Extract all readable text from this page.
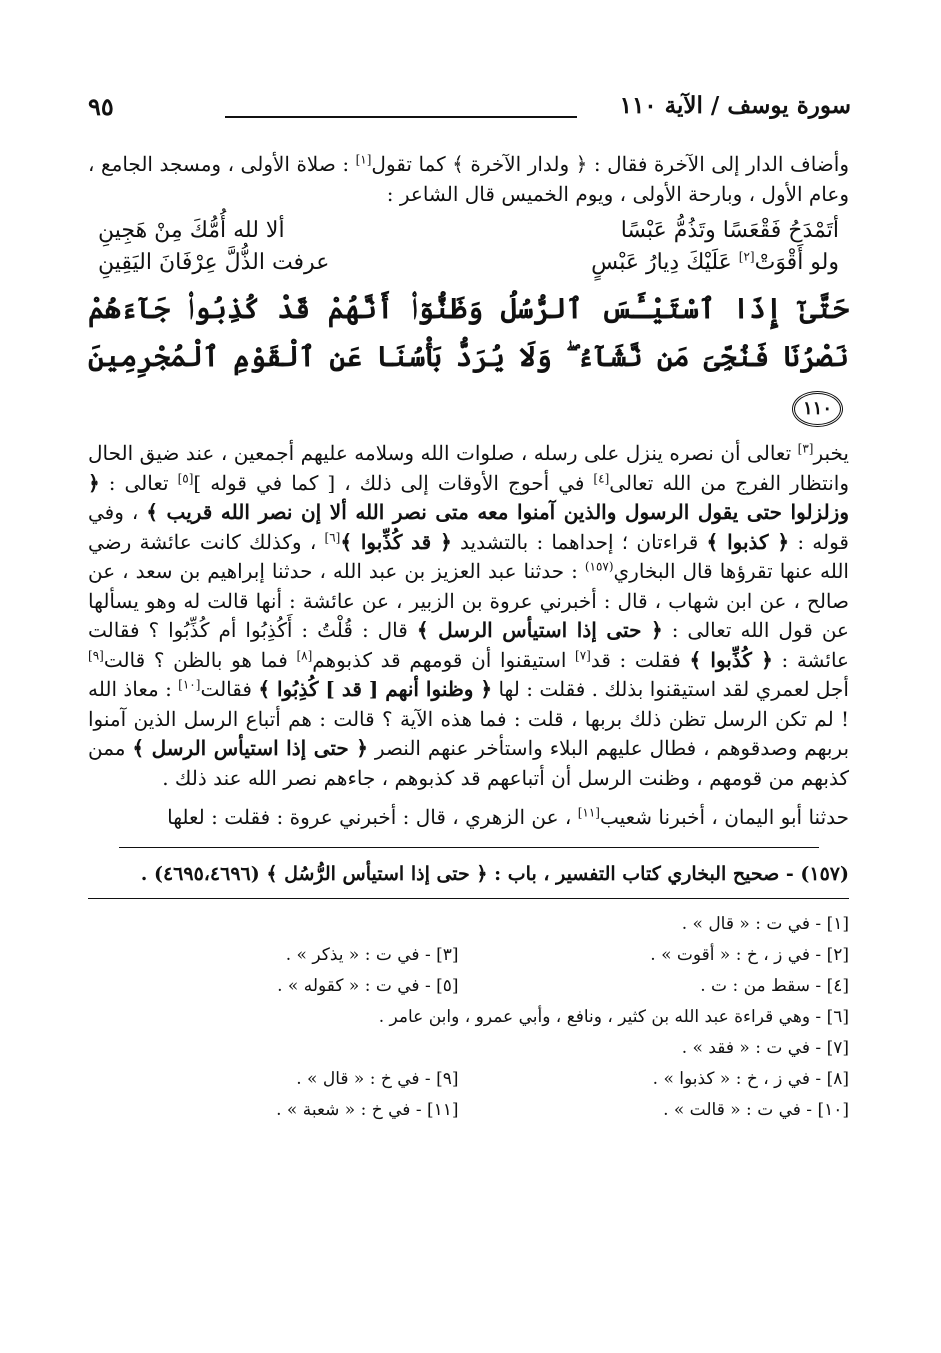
٩٥	سورة يوسف / الآية ١١٠

وأضاف الدار إلى الآخرة فقال : ﴿ ولدار الآخرة ﴾ كما تقول[١] : صلاة الأولى ، ومسجد الجامع ، وعام الأول ، وبارحة الأولى ، ويوم الخميس قال الشاعر :

أتَمْدَحُ فَقْعَسًا وتَذُمُّ عَبْسًا
ألا لله أُمُّكَ مِنْ هَجِينِ
ولو أَقْوَتْ[٢] عَلَيْكَ دِيارُ عَبْسٍ
عرفت الذُّلَّ عِرْفَانَ اليَقِينِ
حَتَّىٰٓ إِذَا ٱسْتَيْـَٔسَ ٱلرُّسُلُ وَظَنُّوٓا۟ أَنَّهُمْ قَدْ كُذِبُوا۟ جَآءَهُمْ نَصْرُنَا فَنُجِّىَ مَن نَّشَآءُ ۖ وَلَا يُرَدُّ بَأْسُنَا عَنِ ٱلْقَوْمِ ٱلْمُجْرِمِينَ ١١٠

يخبر[٣] تعالى أن نصره ينزل على رسله ، صلوات الله وسلامه عليهم أجمعين ، عند ضيق الحال وانتظار الفرج من الله تعالى[٤] في أحوج الأوقات إلى ذلك ، [ كما في قوله ][٥] تعالى : ﴿ وزلزلوا حتى يقول الرسول والذين آمنوا معه متى نصر الله ألا إن نصر الله قريب ﴾ ، وفي قوله : ﴿ كذبوا ﴾ قراءتان ؛ إحداهما : بالتشديد ﴿ قد كُذِّبوا ﴾[٦] ، وكذلك كانت عائشة رضي الله عنها تقرؤها قال البخاري$^{(١٥٧)}$ : حدثنا عبد العزيز بن عبد الله ، حدثنا إبراهيم بن سعد ، عن صالح ، عن ابن شهاب ، قال : أخبرني عروة بن الزبير ، عن عائشة : أنها قالت له وهو يسألها عن قول الله تعالى : ﴿ حتى إذا استيأس الرسل ﴾ قال : قُلْتُ : أَكُذِبُوا أم كُذِّبُوا ؟ فقالت عائشة : ﴿ كُذِّبوا ﴾ فقلت : قد[٧] استيقنوا أن قومهم قد كذبوهم[٨] فما هو بالظن ؟ قالت[٩] أجل لعمري لقد استيقنوا بذلك . فقلت : لها ﴿ وظنوا أنهم [ قد ] كُذِبُوا ﴾ فقالت[١٠] : معاذ الله ! لم تكن الرسل تظن ذلك بربها ، قلت : فما هذه الآية ؟ قالت : هم أتباع الرسل الذين آمنوا بربهم وصدقوهم ، فطال عليهم البلاء واستأخر عنهم النصر ﴿ حتى إذا استيأس الرسل ﴾ ممن كذبهم من قومهم ، وظنت الرسل أن أتباعهم قد كذبوهم ، جاءهم نصر الله عند ذلك .

حدثنا أبو اليمان ، أخبرنا شعيب[١١] ، عن الزهري ، قال : أخبرني عروة : فقلت : لعلها

(١٥٧) - صحيح البخاري كتاب التفسير ، باب : ﴿ حتى إذا استيأس الرُّسُل ﴾ (٤٦٩٥،٤٦٩٦) .
[١] - في ت : « قال » .
[٢] - في ز ، خ : « أقوت » .
[٣] - في ت : « يذكر » .
[٤] - سقط من : ت .
[٥] - في ت : « كقوله » .
[٦] - وهي قراءة عبد الله بن كثير ، ونافع ، وأبي عمرو ، وابن عامر .
[٧] - في ت : « فقد » .
[٨] - في ز ، خ : « كذبوا » .
[٩] - في خ : « قال » .
[١٠] - في ت : « قالت » .
[١١] - في خ : « شعبة » .
